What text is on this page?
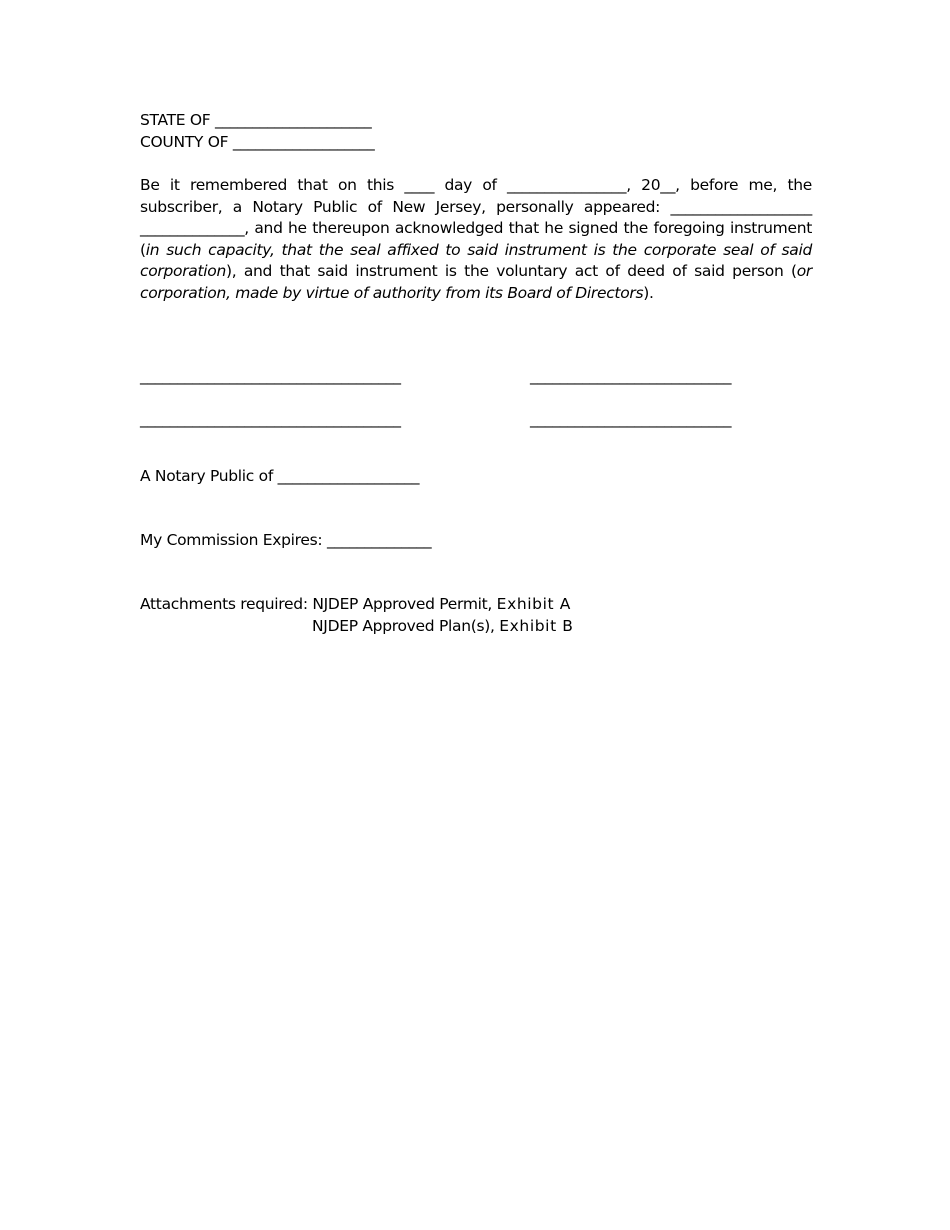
STATE OF _____________________
COUNTY OF ___________________
Be it remembered that on this ____ day of ________________, 20__, before me, the subscriber, a Notary Public of New Jersey, personally appeared: ___________________ ______________, and he thereupon acknowledged that he signed the foregoing instrument (in such capacity, that the seal affixed to said instrument is the corporate seal of said corporation), and that said instrument is the voluntary act of deed of said person (or corporation, made by virtue of authority from its Board of Directors).
___________________________________	___________________________
___________________________________	___________________________
A Notary Public of ___________________
My Commission Expires: ______________
Attachments required: NJDEP Approved Permit, Exhibit A
NJDEP Approved Plan(s), Exhibit B
